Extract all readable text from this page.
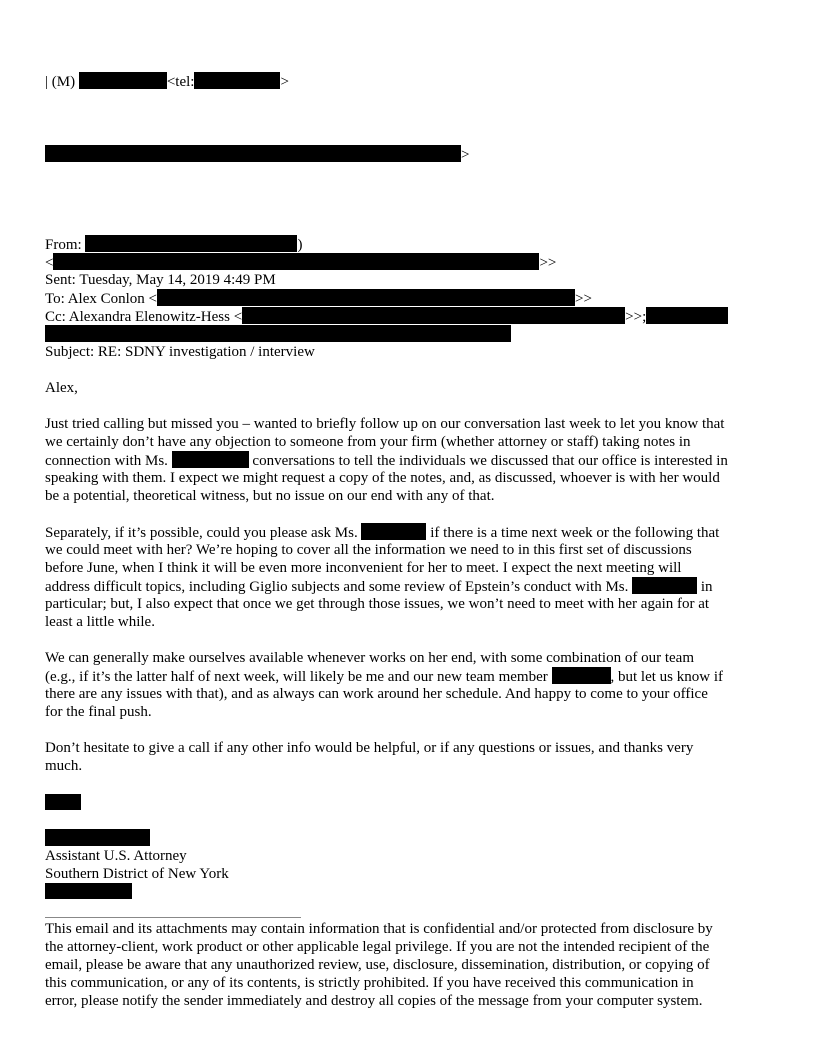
| (M)	<tel:	>
>
From:	)
<	>>
Sent: Tuesday, May 14, 2019 4:49 PM
To: Alex Conlon <	>>
Cc: Alexandra Elenowitz-Hess <	>>;
Subject: RE: SDNY investigation / interview
Alex,
Just tried calling but missed you – wanted to briefly follow up on our conversation last week to let you know that
we certainly don’t have any objection to someone from your firm (whether attorney or staff) taking notes in
connection with Ms.	conversations to tell the individuals we discussed that our office is interested in
speaking with them. I expect we might request a copy of the notes, and, as discussed, whoever is with her would
be a potential, theoretical witness, but no issue on our end with any of that.
Separately, if it’s possible, could you please ask Ms.	if there is a time next week or the following that
we could meet with her? We’re hoping to cover all the information we need to in this first set of discussions
before June, when I think it will be even more inconvenient for her to meet. I expect the next meeting will
address difficult topics, including Giglio subjects and some review of Epstein’s conduct with Ms.	in
particular; but, I also expect that once we get through those issues, we won’t need to meet with her again for at
least a little while.
We can generally make ourselves available whenever works on her end, with some combination of our team
(e.g., if it’s the latter half of next week, will likely be me and our new team member	, but let us know if
there are any issues with that), and as always can work around her schedule. And happy to come to your office
for the final push.
Don’t hesitate to give a call if any other info would be helpful, or if any questions or issues, and thanks very
much.
Assistant U.S. Attorney
Southern District of New York
This email and its attachments may contain information that is confidential and/or protected from disclosure by
the attorney-client, work product or other applicable legal privilege. If you are not the intended recipient of the
email, please be aware that any unauthorized review, use, disclosure, dissemination, distribution, or copying of
this communication, or any of its contents, is strictly prohibited. If you have received this communication in
error, please notify the sender immediately and destroy all copies of the message from your computer system.
